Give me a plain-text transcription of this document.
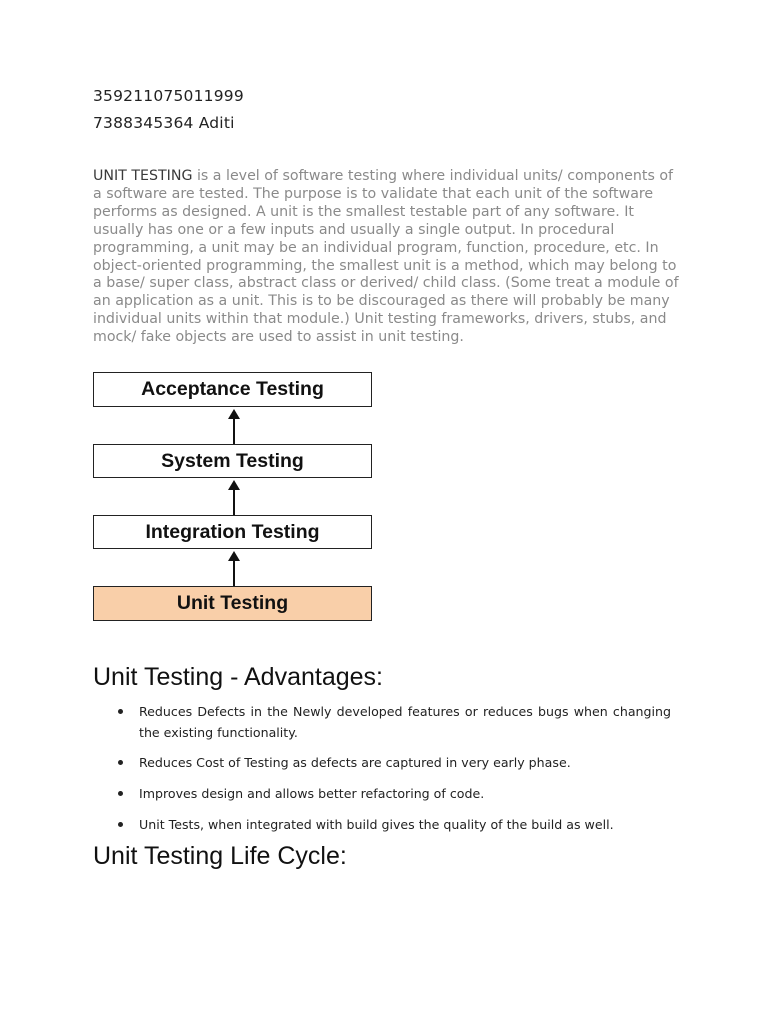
359211075011999
7388345364 Aditi

UNIT TESTING is a level of software testing where individual units/ components of a software are tested. The purpose is to validate that each unit of the software performs as designed. A unit is the smallest testable part of any software. It usually has one or a few inputs and usually a single output. In procedural programming, a unit may be an individual program, function, procedure, etc. In object-oriented programming, the smallest unit is a method, which may belong to a base/ super class, abstract class or derived/ child class. (Some treat a module of an application as a unit. This is to be discouraged as there will probably be many individual units within that module.) Unit testing frameworks, drivers, stubs, and mock/ fake objects are used to assist in unit testing.

Acceptance Testing
System Testing
Integration Testing
Unit Testing
Unit Testing - Advantages:
Reduces Defects in the Newly developed features or reduces bugs when changing the existing functionality.
Reduces Cost of Testing as defects are captured in very early phase.
Improves design and allows better refactoring of code.
Unit Tests, when integrated with build gives the quality of the build as well.
Unit Testing Life Cycle:
